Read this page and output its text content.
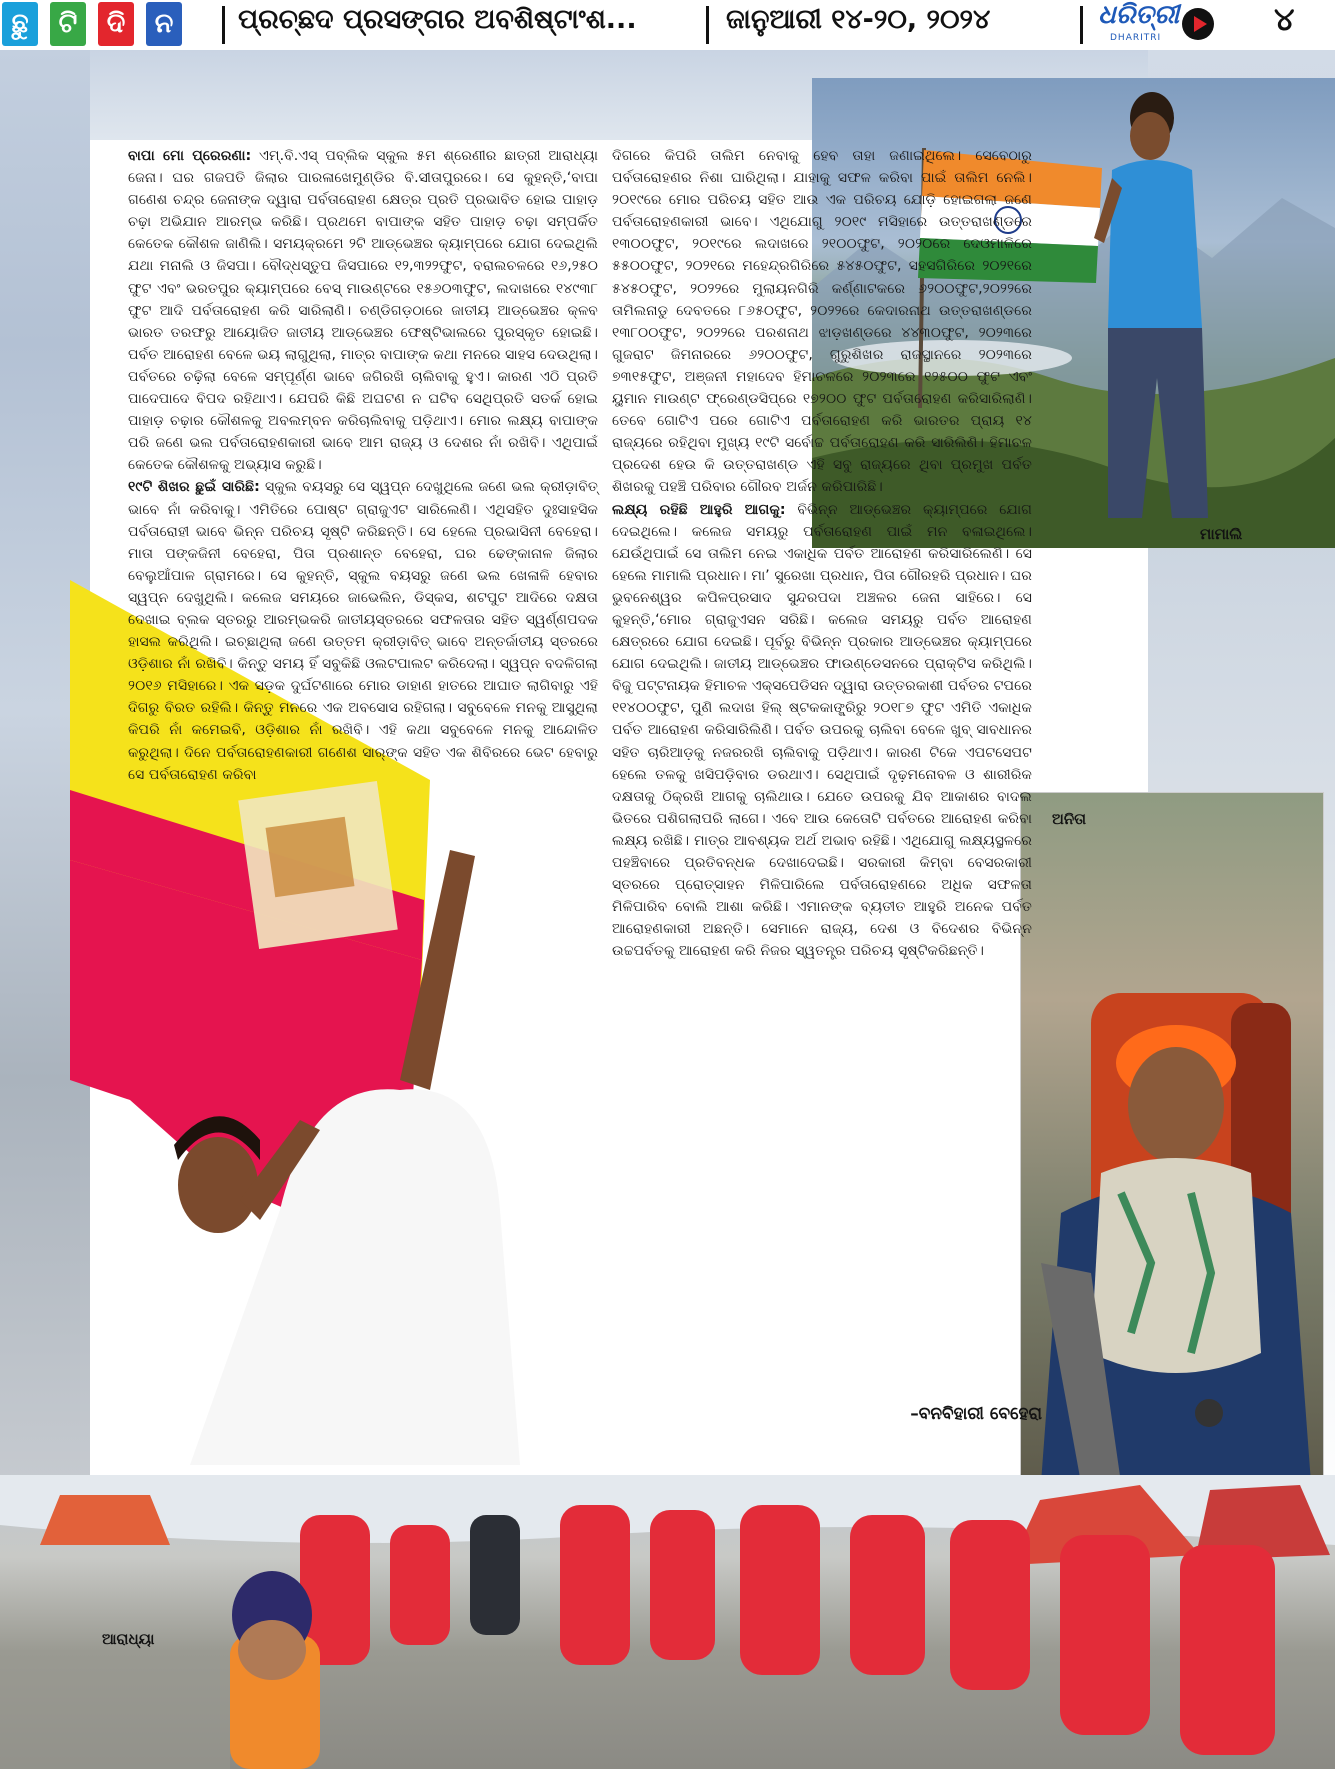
ଛୁ	ଟି	ଦି	ନ	ପ୍ରଚ୍ଛଦ ପ୍ରସଙ୍ଗର ଅବଶିଷ୍ଟାଂଶ...	ଜାନୁଆରୀ ୧୪-୨୦, ୨୦୨୪	ଧରିତ୍ରୀ
DHARITRI	୪
ମାମାଲି
ଅନିତା

ବାପା ମୋ ପ୍ରେରଣା: ଏମ୍‌.ବି.ଏସ୍ ପବ୍ଲିକ ସ୍କୁଲ ୫ମ ଶ୍ରେଣୀର ଛାତ୍ରୀ ଆରାଧ୍ୟା ଜେନା। ଘର ଗଜପତି ଜିଲାର ପାରଳାଖେମୁଣ୍ଡିର ବି.ସୀତାପୁରରେ। ସେ କୁହନ୍ତି,‘ବାପା ଗଣେଶ ଚନ୍ଦ୍ର ଜେନାଙ୍କ ଦ୍ୱାରା ପର୍ବତାରୋହଣ କ୍ଷେତ୍ର ପ୍ରତି ପ୍ରଭାବିତ ହୋଇ ପାହାଡ଼ ଚଢ଼ା ଅଭିଯାନ ଆରମ୍ଭ କରିଛି। ପ୍ରଥମେ ବାପାଙ୍କ ସହିତ ପାହାଡ଼ ଚଢ଼ା ସମ୍ପର୍କିତ କେତେକ କୌଶଳ ଜାଣିଲି। ସମୟକ୍ରମେ ୨ଟି ଆଡ୍‌ଭେଞ୍ଚର କ୍ୟାମ୍ପରେ ଯୋଗ ଦେଇଥିଲି ଯଥା ମନାଲି ଓ ଜିସପା। ବୌଦ୍ଧସ୍ତୁପ ଜିସପାରେ ୧୨,୩୨୨ଫୁଟ, ବରାଲଚଳରେ ୧୬,୨୫୦ ଫୁଟ ଏବଂ ଭରତପୁର କ୍ୟାମ୍ପରେ ବେସ୍ ମାଉଣ୍ଟରେ ୧୫୬୦୩ଫୁଟ, ଲଦାଖରେ ୧୪୯୩୮ ଫୁଟ ଆଦି ପର୍ବତାରୋହଣ କରି ସାରିଲାଣି। ଚଣ୍ଡିଗଡ଼ଠାରେ ଜାତୀୟ ଆଡ୍‌ଭେଞ୍ଚର କ୍ଳବ ଭାରତ ତରଫରୁ ଆୟୋଜିତ ଜାତୀୟ ଆଡ୍‌ଭେଞ୍ଚର ଫେଷ୍ଟିଭାଲରେ ପୁରସ୍କୃତ ହୋଇଛି। ପର୍ବତ ଆରୋହଣ ବେଳେ ଭୟ ଲାଗୁଥିଲା, ମାତ୍ର ବାପାଙ୍କ କଥା ମନରେ ସାହସ ଦେଉଥିଲା। ପର୍ବତରେ ଚଢ଼ିଲା ବେଳେ ସମ୍ପୂର୍ଣ୍ଣ ଭାବେ ଜଗିରଖି ଚାଲିବାକୁ ହୁଏ। କାରଣ ଏଠି ପ୍ରତି ପାଦେପାଦେ ବିପଦ ରହିଥାଏ। ଯେପରି କିଛି ଅଘଟଣ ନ ଘଟିବ ସେଥିପ୍ରତି ସତର୍କ ହୋଇ ପାହାଡ଼ ଚଢ଼ାର କୌଶଳକୁ ଅବଲମ୍ବନ କରିଚାଲିବାକୁ ପଡ଼ିଥାଏ। ମୋର ଲକ୍ଷ୍ୟ ବାପାଙ୍କ ପରି ଜଣେ ଭଲ ପର୍ବତାରୋହଣକାରୀ ଭାବେ ଆମ ରାଜ୍ୟ ଓ ଦେଶର ନାଁ ରଖିବି। ଏଥିପାଇଁ କେତେକ କୌଶଳକୁ ଅଭ୍ୟାସ କରୁଛି।

୧୯ଟି ଶିଖର ଛୁଇଁ ସାରିଛି: ସ୍କୁଲ ବୟସରୁ ସେ ସ୍ୱପ୍ନ ଦେଖୁଥିଲେ ଜଣେ ଭଲ କ୍ରୀଡ଼ାବିତ୍‌ ଭାବେ ନାଁ କରିବାକୁ। ଏମିତିରେ ପୋଷ୍ଟ ଗ୍ରାଜୁଏଟ ସାରିଲେଣି। ଏଥିସହିତ ଦୁଃସାହସିକ ପର୍ବତାରୋହୀ ଭାବେ ଭିନ୍ନ ପରିଚୟ ସୃଷ୍ଟି କରିଛନ୍ତି। ସେ ହେଲେ ପ୍ରଭାସିନୀ ବେହେରା। ମାତା ପଙ୍କଜିନୀ ବେହେରା, ପିତା ପ୍ରଶାନ୍ତ ବେହେରା, ଘର ଢେଙ୍କାନାଳ ଜିଲାର ବେଲୁଆଁପାଳ ଗ୍ରାମରେ। ସେ କୁହନ୍ତି, ସ୍କୁଲ ବୟସରୁ ଜଣେ ଭଲ ଖେଳାଳି ହେବାର ସ୍ୱପ୍ନ ଦେଖୁଥିଲି। କଲେଜ ସମୟରେ ଜାଭେଲିନ, ଡିସ୍କସ, ଶଟପୁଟ ଆଦିରେ ଦକ୍ଷତା ଦେଖାଇ ବ୍ଲକ ସ୍ତରରୁ ଆରମ୍ଭକରି ଜାତୀୟସ୍ତରରେ ସଫଳତାର ସହିତ ସ୍ୱର୍ଣ୍ଣପଦକ ହାସଲ କରିଥିଲି। ଇଚ୍ଛାଥିଲା ଜଣେ ଉତ୍ତମ କ୍ରୀଡ଼ାବିତ୍‌ ଭାବେ ଅନ୍ତର୍ଜାତୀୟ ସ୍ତରରେ ଓଡ଼ିଶାର ନାଁ ରଖିବି। କିନ୍ତୁ ସମୟ ହିଁ ସବୁକିଛି ଓଲଟପାଲଟ କରିଦେଲା। ସ୍ୱପ୍ନ ବଦଳିଗଲା ୨୦୧୬ ମସିହାରେ। ଏକ ସଡ଼କ ଦୁର୍ଘଟଣାରେ ମୋର ଡାହାଣ ହାତରେ ଆଘାତ ଲାଗିବାରୁ ଏହି ଦିଗରୁ ବିରତ ରହିଲି। କିନ୍ତୁ ମନରେ ଏକ ଅବସୋସ ରହିଗଲା। ସବୁବେଳେ ମନକୁ ଆସୁଥିଲା କିପରି ନାଁ କମେଇବି, ଓଡ଼ିଶାର ନାଁ ରଖିବି। ଏହି କଥା ସବୁବେଳେ ମନକୁ ଆନ୍ଦୋଳିତ କରୁଥିଲା। ଦିନେ ପର୍ବତାରୋହଣକାରୀ ଗଣେଶ ସାର୍‌ଙ୍କ ସହିତ ଏକ ଶିବିରରେ ଭେଟ ହେବାରୁ ସେ ପର୍ବତାରୋହଣ କରିବା

ଦିଗରେ କିପରି ତାଲିମ ନେବାକୁ ହେବ ତାହା ଜଣାଇଥିଲେ। ସେବେଠାରୁ ପର୍ବତାରୋହଣର ନିଶା ଘାରିଥିଲା। ଯାହାକୁ ସଫଳ କରିବା ପାଇଁ ତାଲିମ ନେଲି। ୨୦୧୯ରେ ମୋର ପରିଚୟ ସହିତ ଆଉ ଏକ ପରିଚୟ ଯୋଡ଼ି ହୋଇଗଲା ଜଣେ ପର୍ବତାରୋହଣକାରୀ ଭାବେ। ଏଥିଯୋଗୁ ୨୦୧୯ ମସିହାରେ ଉତ୍ତରାଖଣ୍ଡରେ ୧୩୦୦ଫୁଟ, ୨୦୧୯ରେ ଲଦାଖରେ ୨୧୦୦ଫୁଟ, ୨୦୨୦ରେ ଦେଓମାଳିରେ ୫୫୦୦ଫୁଟ, ୨୦୨୧ରେ ମହେନ୍ଦ୍ରଗିରିରେ ୫୪୫୦ଫୁଟ, ସହସଗିରିରେ ୨୦୨୧ରେ ୫୪୫୦ଫୁଟ, ୨୦୨୨ରେ ମୁଲାୟନଗିରି କର୍ଣ୍ଣାଟକରେ ୬୨୦୦ଫୁଟ,୨୦୨୨ରେ ତାମିଲନାଡୁ ଦେବତରେ ୮୬୫୦ଫୁଟ, ୨୦୨୨ରେ କେଦାରନାଥ ଉତ୍ତରାଖଣ୍ଡରେ ୧୩୮୦୦ଫୁଟ, ୨୦୨୨ରେ ପରଶନାଥ ଝାଡ଼ଖଣ୍ଡରେ ୪୪୩୦ଫୁଟ, ୨୦୨୩ରେ ଗୁଜରାଟ ଜିମନାରରେ ୬୨୦୦ଫୁଟ, ଗୁରୁଶିଖର ରାଜସ୍ଥାନରେ ୨୦୨୩ରେ ୭୩୧୫ଫୁଟ, ଅଞ୍ଜନୀ ମହାଦେବ ହିମାଚଳରେ ୨୦୨୩ରେ ୧୨୫୦୦ ଫୁଟ ଏବଂ ୟୁମାନ ମାଉଣ୍ଟ ଫ୍ରେଣ୍ଡସିପ୍‌ରେ ୧୭୨୦୦ ଫୁଟ ପର୍ବତାରୋହଣ କରିସାରିଲାଣି। ତେବେ ଗୋଟିଏ ପରେ ଗୋଟିଏ ପର୍ବତାରୋହଣ କରି ଭାରତର ପ୍ରାୟ ୧୪ ରାଜ୍ୟରେ ରହିଥିବା ମୁଖ୍ୟ ୧୯ଟି ସର୍ବୋଚ୍ଚ ପର୍ବତାରୋହଣ କରି ସାରିଲିଣି। ହିମାଚଳ ପ୍ରଦେଶ ହେଉ କି ଉତ୍ତରାଖଣ୍ଡ ଏହି ସବୁ ରାଜ୍ୟରେ ଥିବା ପ୍ରମୁଖ ପର୍ବତ ଶିଖରକୁ ପହଞ୍ଚି ପରିବାର ଗୌରବ ଅର୍ଜନ କରିପାରିଛି।

ଲକ୍ଷ୍ୟ ରହିଛି ଆହୁରି ଆଗକୁ: ବିଭିନ୍ନ ଆଡ୍‌ଭେଞ୍ଚର କ୍ୟାମ୍ପରେ ଯୋଗ ଦେଇଥିଲେ। କଲେଜ ସମୟରୁ ପର୍ବତାରୋହଣ ପାଇଁ ମନ ବଳାଇଥିଲେ। ଯେଉଁଥିପାଇଁ ସେ ତାଲିମ ନେଇ ଏକାଧିକ ପର୍ବତ ଆରୋହଣ କରିସାରିଲେଣି। ସେ ହେଲେ ମାମାଲି ପ୍ରଧାନ। ମା’ ସୁରେଖା ପ୍ରଧାନ, ପିତା ଗୌରହରି ପ୍ରଧାନ। ଘର ଭୁବନେଶ୍ୱର କପିଳପ୍ରସାଦ ସୁନ୍ଦରପଦା ଅଞ୍ଚଳର ଜେନା ସାହିରେ। ସେ କୁହନ୍ତି,‘ମୋର ଗ୍ରାଜୁଏସନ ସରିଛି। କଲେଜ ସମୟରୁ ପର୍ବତ ଆରୋହଣ କ୍ଷେତ୍ରରେ ଯୋଗ ଦେଇଛି। ପୂର୍ବରୁ ବିଭିନ୍ନ ପ୍ରକାର ଆଡ୍‌ଭେଞ୍ଚର କ୍ୟାମ୍ପରେ ଯୋଗ ଦେଇଥିଲି। ଜାତୀୟ ଆଡ୍‌ଭେଞ୍ଚର ଫାଉଣ୍ଡେସନରେ ପ୍ରାକ୍ଟିସ କରିଥିଲି। ବିଜୁ ପଟ୍ଟନାୟକ ହିମାଚଳ ଏକ୍ସପେଡିସନ ଦ୍ୱାରା ଉତ୍ତରକାଶୀ ପର୍ବତର ଟପରେ ୧୧୪୦୦ଫୁଟ, ପୁଣି ଲଦାଖ ହିଲ୍ ଷ୍ଟକକାଙ୍ଗ୍ରିରୁ ୨୦୧୮୭ ଫୁଟ ଏମିତି ଏକାଧିକ ପର୍ବତ ଆରୋହଣ କରିସାରିଲିଣି। ପର୍ବତ ଉପରକୁ ଚାଲିବା ବେଳେ ଖୁବ୍ ସାବଧାନର ସହିତ ଚାରିଆଡ଼କୁ ନଜରରଖି ଚାଲିବାକୁ ପଡ଼ିଥାଏ। କାରଣ ଟିକେ ଏପଟସେପଟ ହେଲେ ତଳକୁ ଖସିପଡ଼ିବାର ଡରଥାଏ। ସେଥିପାଇଁ ଦୃଢ଼ମନୋବଳ ଓ ଶାରୀରିକ ଦକ୍ଷତାକୁ ଠିକ୍‌ରଖି ଆଗକୁ ଚାଲିଥାଉ। ଯେତେ ଉପରକୁ ଯିବ ଆକାଶର ବାଦଲ ଭିତରେ ପଶିଗଲାପରି ଲାଗେ। ଏବେ ଆଉ କେତୋଟି ପର୍ବତରେ ଆରୋହଣ କରିବା ଲକ୍ଷ୍ୟ ରଖିଛି। ମାତ୍ର ଆବଶ୍ୟକ ଅର୍ଥ ଅଭାବ ରହିଛି। ଏଥିଯୋଗୁ ଲକ୍ଷ୍ୟସ୍ଥଳରେ ପହଞ୍ଚିବାରେ ପ୍ରତିବନ୍ଧକ ଦେଖାଦେଇଛି। ସରକାରୀ କିମ୍ବା ବେସରକାରୀ ସ୍ତରରେ ପ୍ରୋତ୍ସାହନ ମିଳିପାରିଲେ ପର୍ବତାରୋହଣରେ ଅଧିକ ସଫଳତା ମିଳିପାରିବ ବୋଲି ଆଶା କରିଛି। ଏମାନଙ୍କ ବ୍ୟତୀତ ଆହୁରି ଅନେକ ପର୍ବତ ଆରୋହଣକାରୀ ଅଛନ୍ତି। ସେମାନେ ରାଜ୍ୟ, ଦେଶ ଓ ବିଦେଶର ବିଭିନ୍ନ ଉଚ୍ଚପର୍ବତକୁ ଆରୋହଣ କରି ନିଜର ସ୍ୱତନ୍ତ୍ର ପରିଚୟ ସୃଷ୍ଟିକରିଛନ୍ତି।

–ବନବିହାରୀ ବେହେରା
ଆରାଧ୍ୟା
